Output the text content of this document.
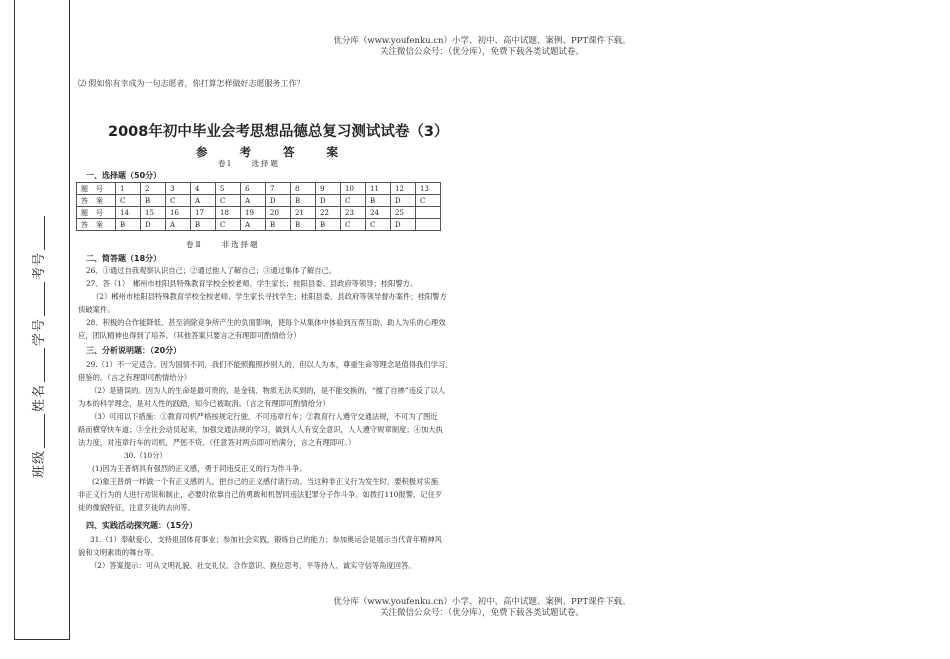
优分库（www.youfenku.cn）小学、初中、高中试题、案例、PPT课件下载。
关注微信公众号：（优分库），免费下载各类试题试卷。
班级姓名学号考号
⑵ 假如你有幸成为一句志愿者，你打算怎样做好志愿服务工作？
2008年初中毕业会考思想品德总复习测试试卷（3）
参 考 答 案
卷Ⅰ　　选择题
一、选择题（50分）
题号	1	2	3	4	5	6	7	8	9	10	11	12	13
答案	C	B	C	A	C	A	D	B	D	C	B	D	C
题号	14	15	16	17	18	19	20	21	22	23	24	25	
答案	B	D	A	B	C	A	B	B	B	C	C	D	
卷Ⅱ　　非选择题
二、简答题（18分）
26、①通过自我观察认识自己；②通过他人了解自己；③通过集体了解自己。
27、答（1）　郴州市桂阳县特殊教育学校全校老师、学生家长；桂阳县委、县政府等领导；桂阳警方。
（2）郴州市桂阳县特殊教育学校全校老师、学生家长寻找学生；桂阳县委、县政府等领导督办案件；桂阳警方
侦破案件。
28、积极的合作能降低、甚至消除竞争所产生的负面影响，使每个从集体中体验到互帮互助、助人为乐的心理效
应，团队精神也得到了培养。（其他答案只要言之有理即可酌情给分）
三、分析说明题：（20分）
29.（1）不一定适合。因为国情不同，我们不能照搬照抄别人的，但以人为本，尊重生命等理念是值得我们学习、
借鉴的。（言之有理即可酌情给分）
（2）是错误的。因为人的生命是最可贵的，是金钱、物质无法买到的，是不能交换的，“擅了自掺”违反了以人
为本的科学理念，是对人性的践踏，知今已被取消。（言之有理即可酌情给分）
（3）可用以下措施：①教育司机严格按规定行驶，不可违章行车；②教育行人遵守交通法规，不可为了图近
路而横穿快车道；③全社会动员起来，加强交通法规的学习，做到人人有安全意识，人人遵守规章制度；④加大执
法力度，对违章行车的司机，严惩不贷。（任意答对两点即可给满分，言之有理即可。）
30.（10分）
(1)因为王普炳具有强烈的正义感，勇于同违反正义的行为作斗争。
(2)象王普炳一样做一个有正义感的人，把自己的正义感付诸行动。当这种非正义行为发生时，要积极对实施
非正义行为的人进行劝说和制止，必要时依靠自己的勇敢和机智同违法犯罪分子作斗争。如拨打110报警，记住歹
徒的像貌特征，注意歹徒的去向等。
四、实践活动探究题：（15分）
31.（1）奉献爱心，支持祖国体育事业；参加社会实践，锻炼自己的能力；参加奥运会是展示当代青年精神风
貌和文明素质的舞台等。
（2）答案提示：可从文明礼貌、社交礼仪、合作意识、换位思考、平等待人、诚实守信等角度回答。
优分库（www.youfenku.cn）小学、初中、高中试题、案例、PPT课件下载。
关注微信公众号：（优分库），免费下载各类试题试卷。
